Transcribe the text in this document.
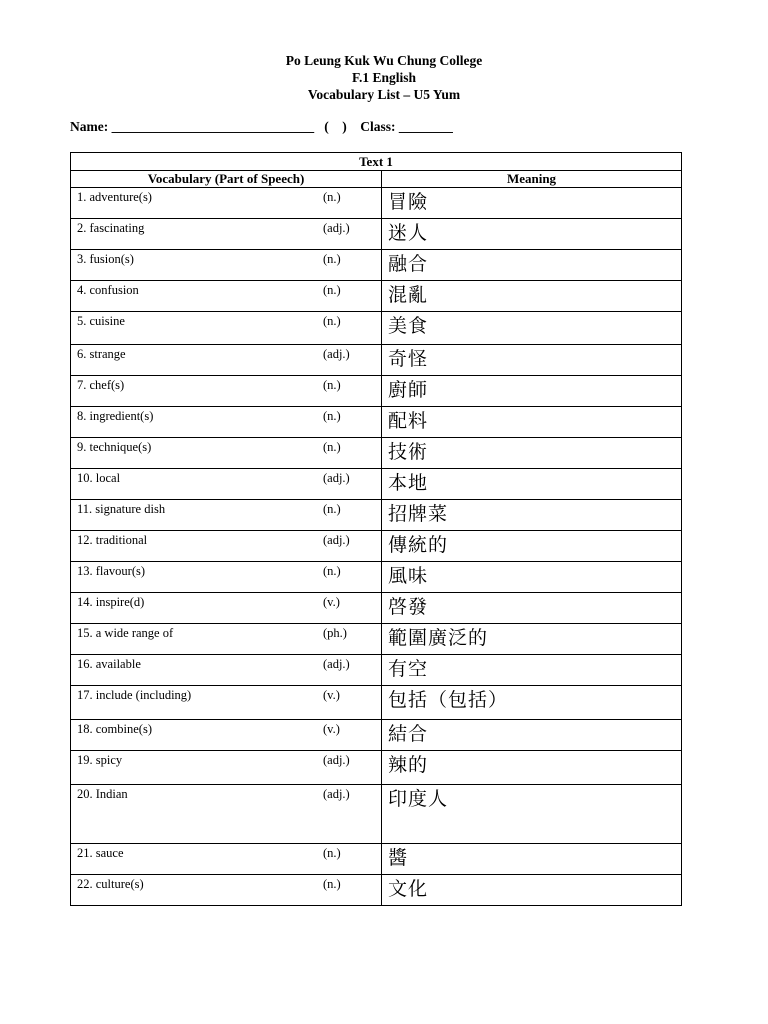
Po Leung Kuk Wu Chung College
F.1 English
Vocabulary List – U5 Yum
Name: ______________________________   (    )    Class: ________
Text 1	
Vocabulary (Part of Speech)	Meaning

1. adventure(s) (n.)	冒險

2. fascinating (adj.)	迷人

3. fusion(s) (n.)	融合

4. confusion (n.)	混亂

5. cuisine (n.)	美食

6. strange (adj.)	奇怪

7. chef(s) (n.)	廚師

8. ingredient(s) (n.)	配料

9. technique(s) (n.)	技術

10. local (adj.)	本地

11. signature dish (n.)	招牌菜

12. traditional (adj.)	傳統的

13. flavour(s) (n.)	風味

14. inspire(d) (v.)	啓發

15. a wide range of (ph.)	範圍廣泛的

16. available (adj.)	有空

17. include (including) (v.)	包括（包括）

18. combine(s) (v.)	結合

19. spicy (adj.)	辣的

20. Indian (adj.)	印度人

21. sauce (n.)	醬

22. culture(s) (n.)	文化
